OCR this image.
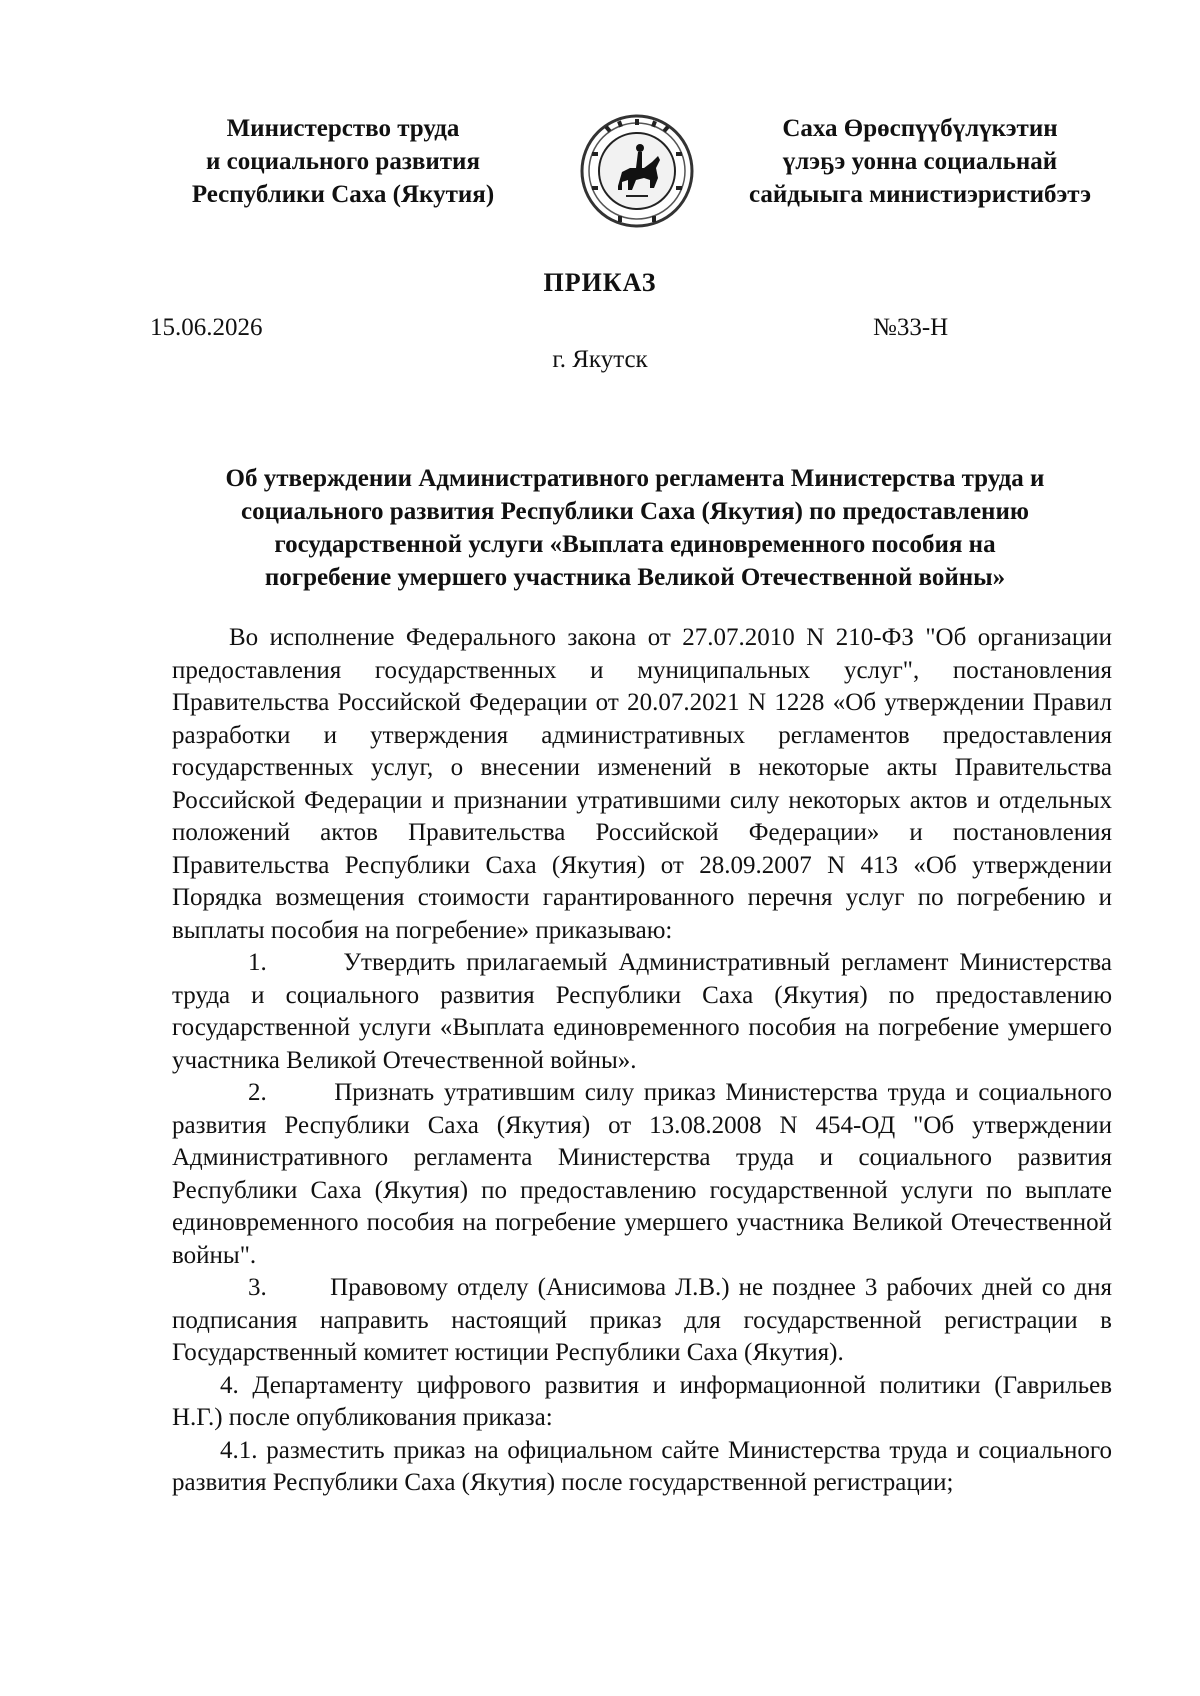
Министерство труда
и социального развития
Республики Саха (Якутия)
Саха Өрөспүүбүлүкэтин
үлэҕэ уонна социальнай
сайдыыга министиэристибэтэ
ПРИКАЗ
15.06.2026	№33-Н
г. Якутск
Об утверждении Административного регламента Министерства труда и
социального развития Республики Саха (Якутия) по предоставлению
государственной услуги «Выплата единовременного пособия на
погребение умершего участника Великой Отечественной войны»

Во исполнение Федерального закона от 27.07.2010 N 210-ФЗ "Об организации предоставления государственных и муниципальных услуг", постановления Правительства Российской Федерации от 20.07.2021 N 1228 «Об утверждении Правил разработки и утверждения административных регламентов предоставления государственных услуг, о внесении изменений в некоторые акты Правительства Российской Федерации и признании утратившими силу некоторых актов и отдельных положений актов Правительства Российской Федерации» и постановления Правительства Республики Саха (Якутия) от 28.09.2007 N 413 «Об утверждении Порядка возмещения стоимости гарантированного перечня услуг по погребению и выплаты пособия на погребение» приказываю:

1.       Утвердить прилагаемый Административный регламент Министерства труда и социального развития Республики Саха (Якутия) по предоставлению государственной услуги «Выплата единовременного пособия на погребение умершего участника Великой Отечественной войны».

2.       Признать утратившим силу приказ Министерства труда и социального развития Республики Саха (Якутия) от 13.08.2008 N 454-ОД "Об утверждении Административного регламента Министерства труда и социального развития Республики Саха (Якутия) по предоставлению государственной услуги по выплате единовременного пособия на погребение умершего участника Великой Отечественной войны".

3.       Правовому отделу (Анисимова Л.В.) не позднее 3 рабочих дней со дня подписания направить настоящий приказ для государственной регистрации в Государственный комитет юстиции Республики Саха (Якутия).

4. Департаменту цифрового развития и информационной политики (Гаврильев Н.Г.) после опубликования приказа:

4.1. разместить приказ на официальном сайте Министерства труда и социального развития Республики Саха (Якутия) после государственной регистрации;
